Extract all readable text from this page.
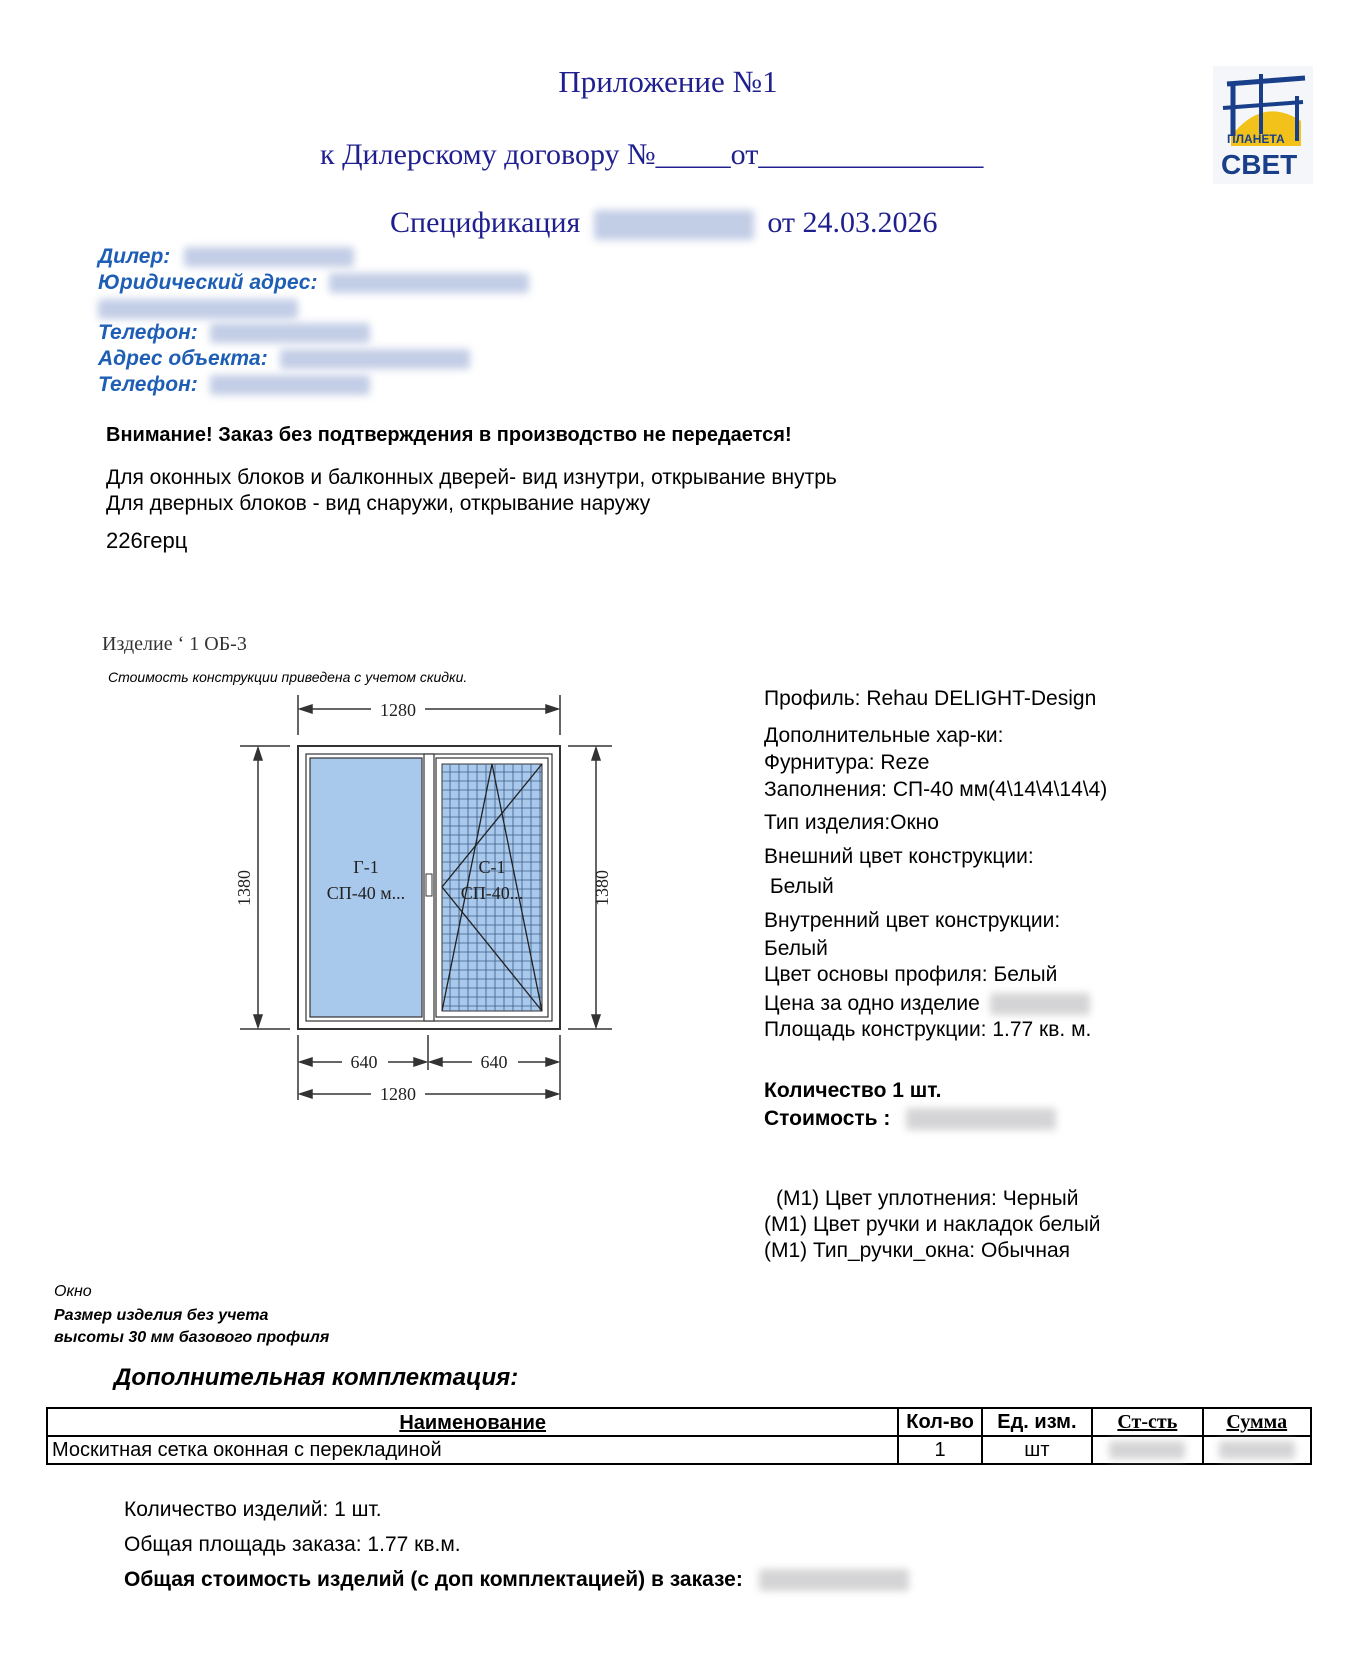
Приложение №1
к Дилерскому договору №_____от_______________
Спецификация	от 24.03.2026
ПЛАНЕТА
СВЕТ
Дилер:
Юридический адрес:
Телефон:
Адрес объекта:
Телефон:
Внимание! Заказ без подтверждения в производство не передается!
Для оконных блоков и балконных дверей- вид изнутри, открывание внутрь
Для дверных блоков - вид снаружи, открывание наружу
226герц
Изделие ‘ 1 ОБ-3
Стоимость конструкции приведена с учетом скидки.
1280
1380	1380
Г-1
СП-40 м...
С-1
СП-40...
640	640
1280
Профиль: Rehau DELIGHT-Design
Дополнительные хар-ки:
Фурнитура: Reze
Заполнения: СП-40 мм(4\14\4\14\4)
Тип изделия:Окно
Внешний цвет конструкции:
Белый
Внутренний цвет конструкции:
Белый
Цвет основы профиля: Белый
Цена за одно изделие
Площадь конструкции: 1.77 кв. м.
Количество 1 шт.
Стоимость :
(М1) Цвет уплотнения: Черный
(М1) Цвет ручки и накладок белый
(М1) Тип_ручки_окна: Обычная
Окно
Размер изделия без учета
высоты 30 мм базового профиля
Дополнительная комплектация:
Наименование	Кол-во	Ед. изм.	Ст-сть	Сумма
Москитная сетка оконная с перекладиной	1	шт		
Количество изделий: 1 шт.
Общая площадь заказа: 1.77 кв.м.
Общая стоимость изделий (с доп комплектацией) в заказе:
